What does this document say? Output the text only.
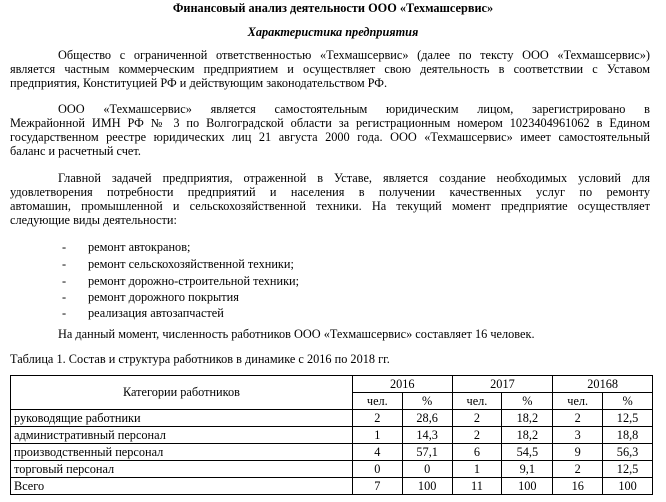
Финансовый анализ деятельности ООО «Техмашсервис»
Характеристика предприятия
Общество с ограниченной ответственностью «Техмашсервис» (далее по тексту ООО «Техмашсервис»)
является частным коммерческим предприятием и осуществляет свою деятельность в соответствии с Уставом
предприятия, Конституцией РФ и действующим законодательством РФ.
ООО «Техмашсервис» является самостоятельным юридическим лицом, зарегистрировано в
Межрайонной ИМН РФ № 3 по Волгоградской области за регистрационным номером 1023404961062 в Едином
государственном реестре юридических лиц 21 августа 2000 года. ООО «Техмашсервис» имеет самостоятельный
баланс и расчетный счет.
Главной задачей предприятия, отраженной в Уставе, является создание необходимых условий для
удовлетворения потребности предприятий и населения в получении качественных услуг по ремонту
автомашин, промышленной и сельскохозяйственной техники. На текущий момент предприятие осуществляет
следующие виды деятельности:
- ремонт автокранов;
- ремонт сельскохозяйственной техники;
- ремонт дорожно-строительной техники;
- ремонт дорожного покрытия
- реализация автозапчастей
На данный момент, численность работников ООО «Техмашсервис» составляет 16 человек.
Таблица 1. Состав и структура работников в динамике с 2016 по 2018 гг.
Категории работников	2016		2017		20168	
	чел.	%	чел.	%	чел.	%
руководящие работники	2	28,6	2	18,2	2	12,5
административный персонал	1	14,3	2	18,2	3	18,8
производственный персонал	4	57,1	6	54,5	9	56,3
торговый персонал	0	0	1	9,1	2	12,5
Всего	7	100	11	100	16	100
